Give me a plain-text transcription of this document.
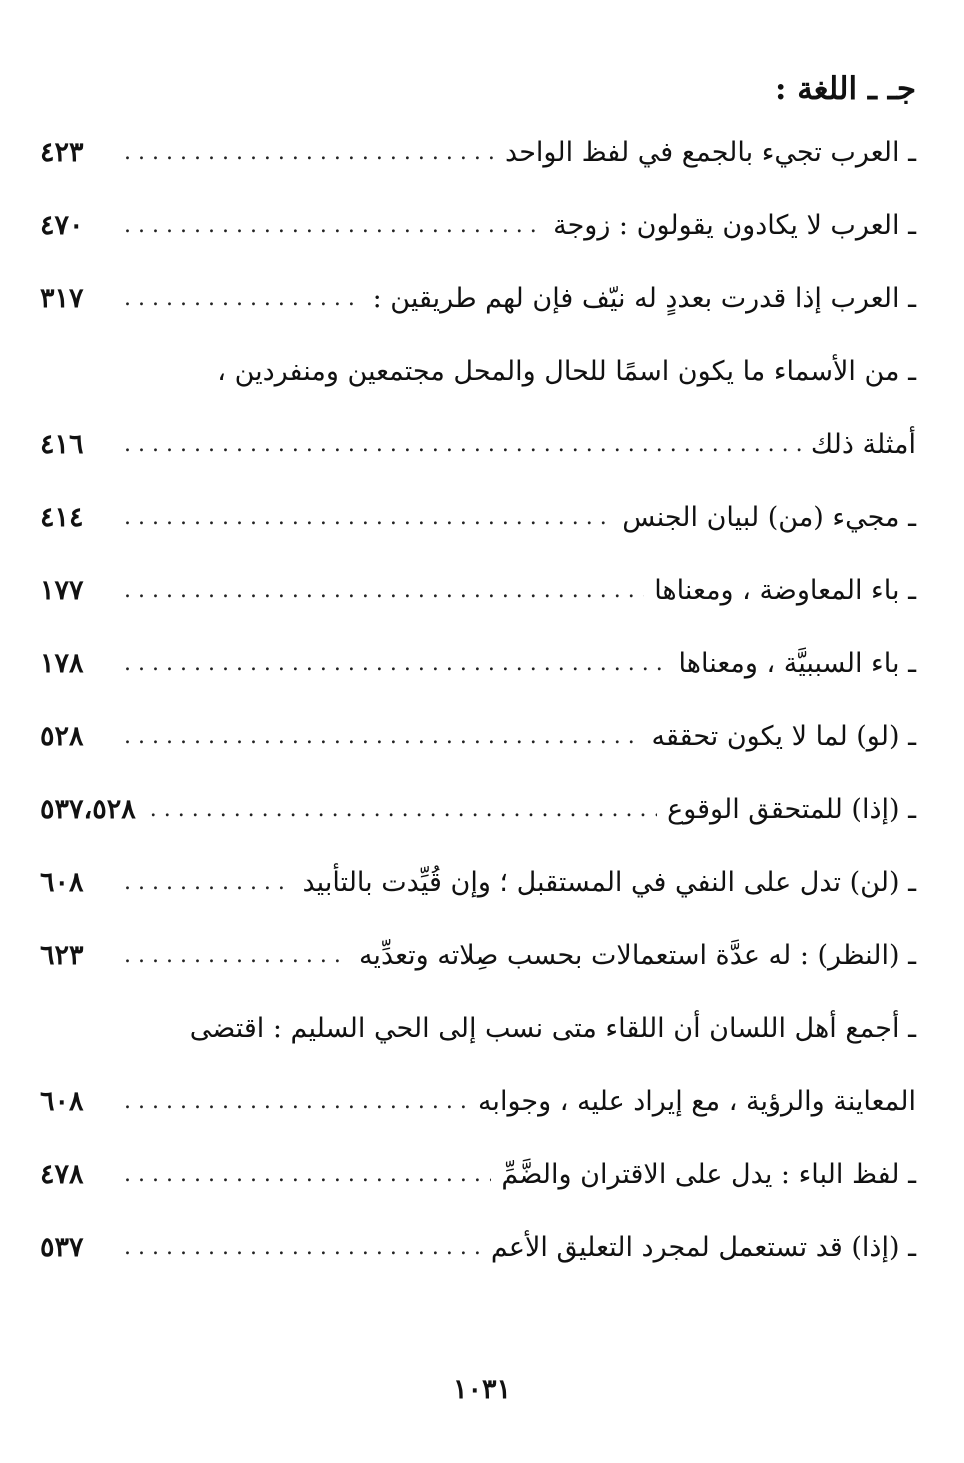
جـ ـ اللغة :
ـ العرب تجيء بالجمع في لفظ الواحد
.....
٤٢٣
ـ العرب لا يكادون يقولون : زوجة
.....
٤٧٠
ـ العرب إذا قدرت بعددٍ له نيّف فإن لهم طريقين :
.....
٣١٧
ـ من الأسماء ما يكون اسمًا للحال والمحل مجتمعين ومنفردين ،
أمثلة ذلك
.....
٤١٦
ـ مجيء (من) لبيان الجنس
.....
٤١٤
ـ باء المعاوضة ، ومعناها
.....
١٧٧
ـ باء السببيَّة ، ومعناها
.....
١٧٨
ـ (لو) لما لا يكون تحققه
.....
٥٢٨
ـ (إذا) للمتحقق الوقوع
.....
٥٣٧،٥٢٨
ـ (لن) تدل على النفي في المستقبل ؛ وإن قُيِّدت بالتأبيد
.....
٦٠٨
ـ (النظر) : له عدَّة استعمالات بحسب صِلاته وتعدِّيه
.....
٦٢٣
ـ أجمع أهل اللسان أن اللقاء متى نسب إلى الحي السليم : اقتضى
المعاينة والرؤية ، مع إيراد عليه ، وجوابه
.....
٦٠٨
ـ لفظ الباء : يدل على الاقتران والضَّمِّ
.....
٤٧٨
ـ (إذا) قد تستعمل لمجرد التعليق الأعم
.....
٥٣٧
١٠٣١
